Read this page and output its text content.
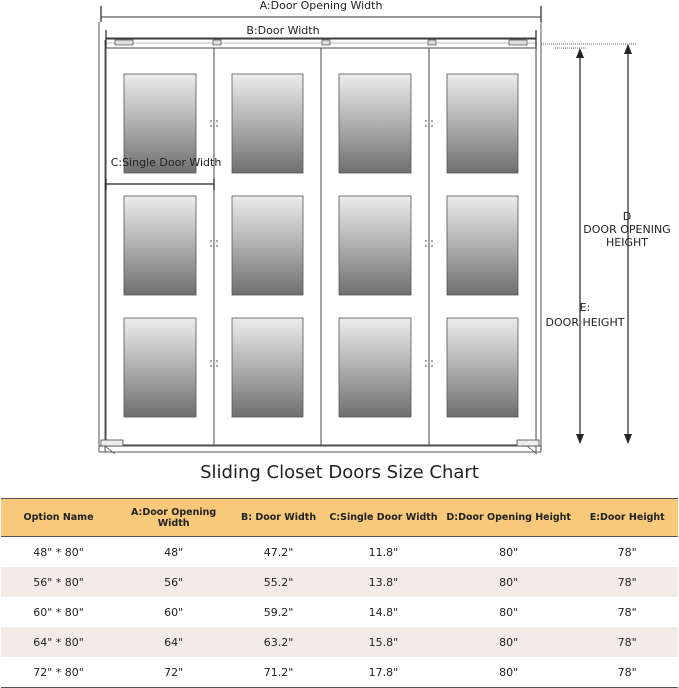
A:Door Opening Width
B:Door Width
C:Single Door Width
E:
DOOR HEIGHT
D
DOOR OPENING
HEIGHT
Sliding Closet Doors Size Chart
Option Name	A:Door Opening Width	B: Door Width	C:Single Door Width	D:Door Opening Height	E:Door Height
48" * 80"	48"	47.2"	11.8"	80"	78"
56" * 80"	56"	55.2"	13.8"	80"	78"
60" * 80"	60"	59.2"	14.8"	80"	78"
64" * 80"	64"	63.2"	15.8"	80"	78"
72" * 80"	72"	71.2"	17.8"	80"	78"
